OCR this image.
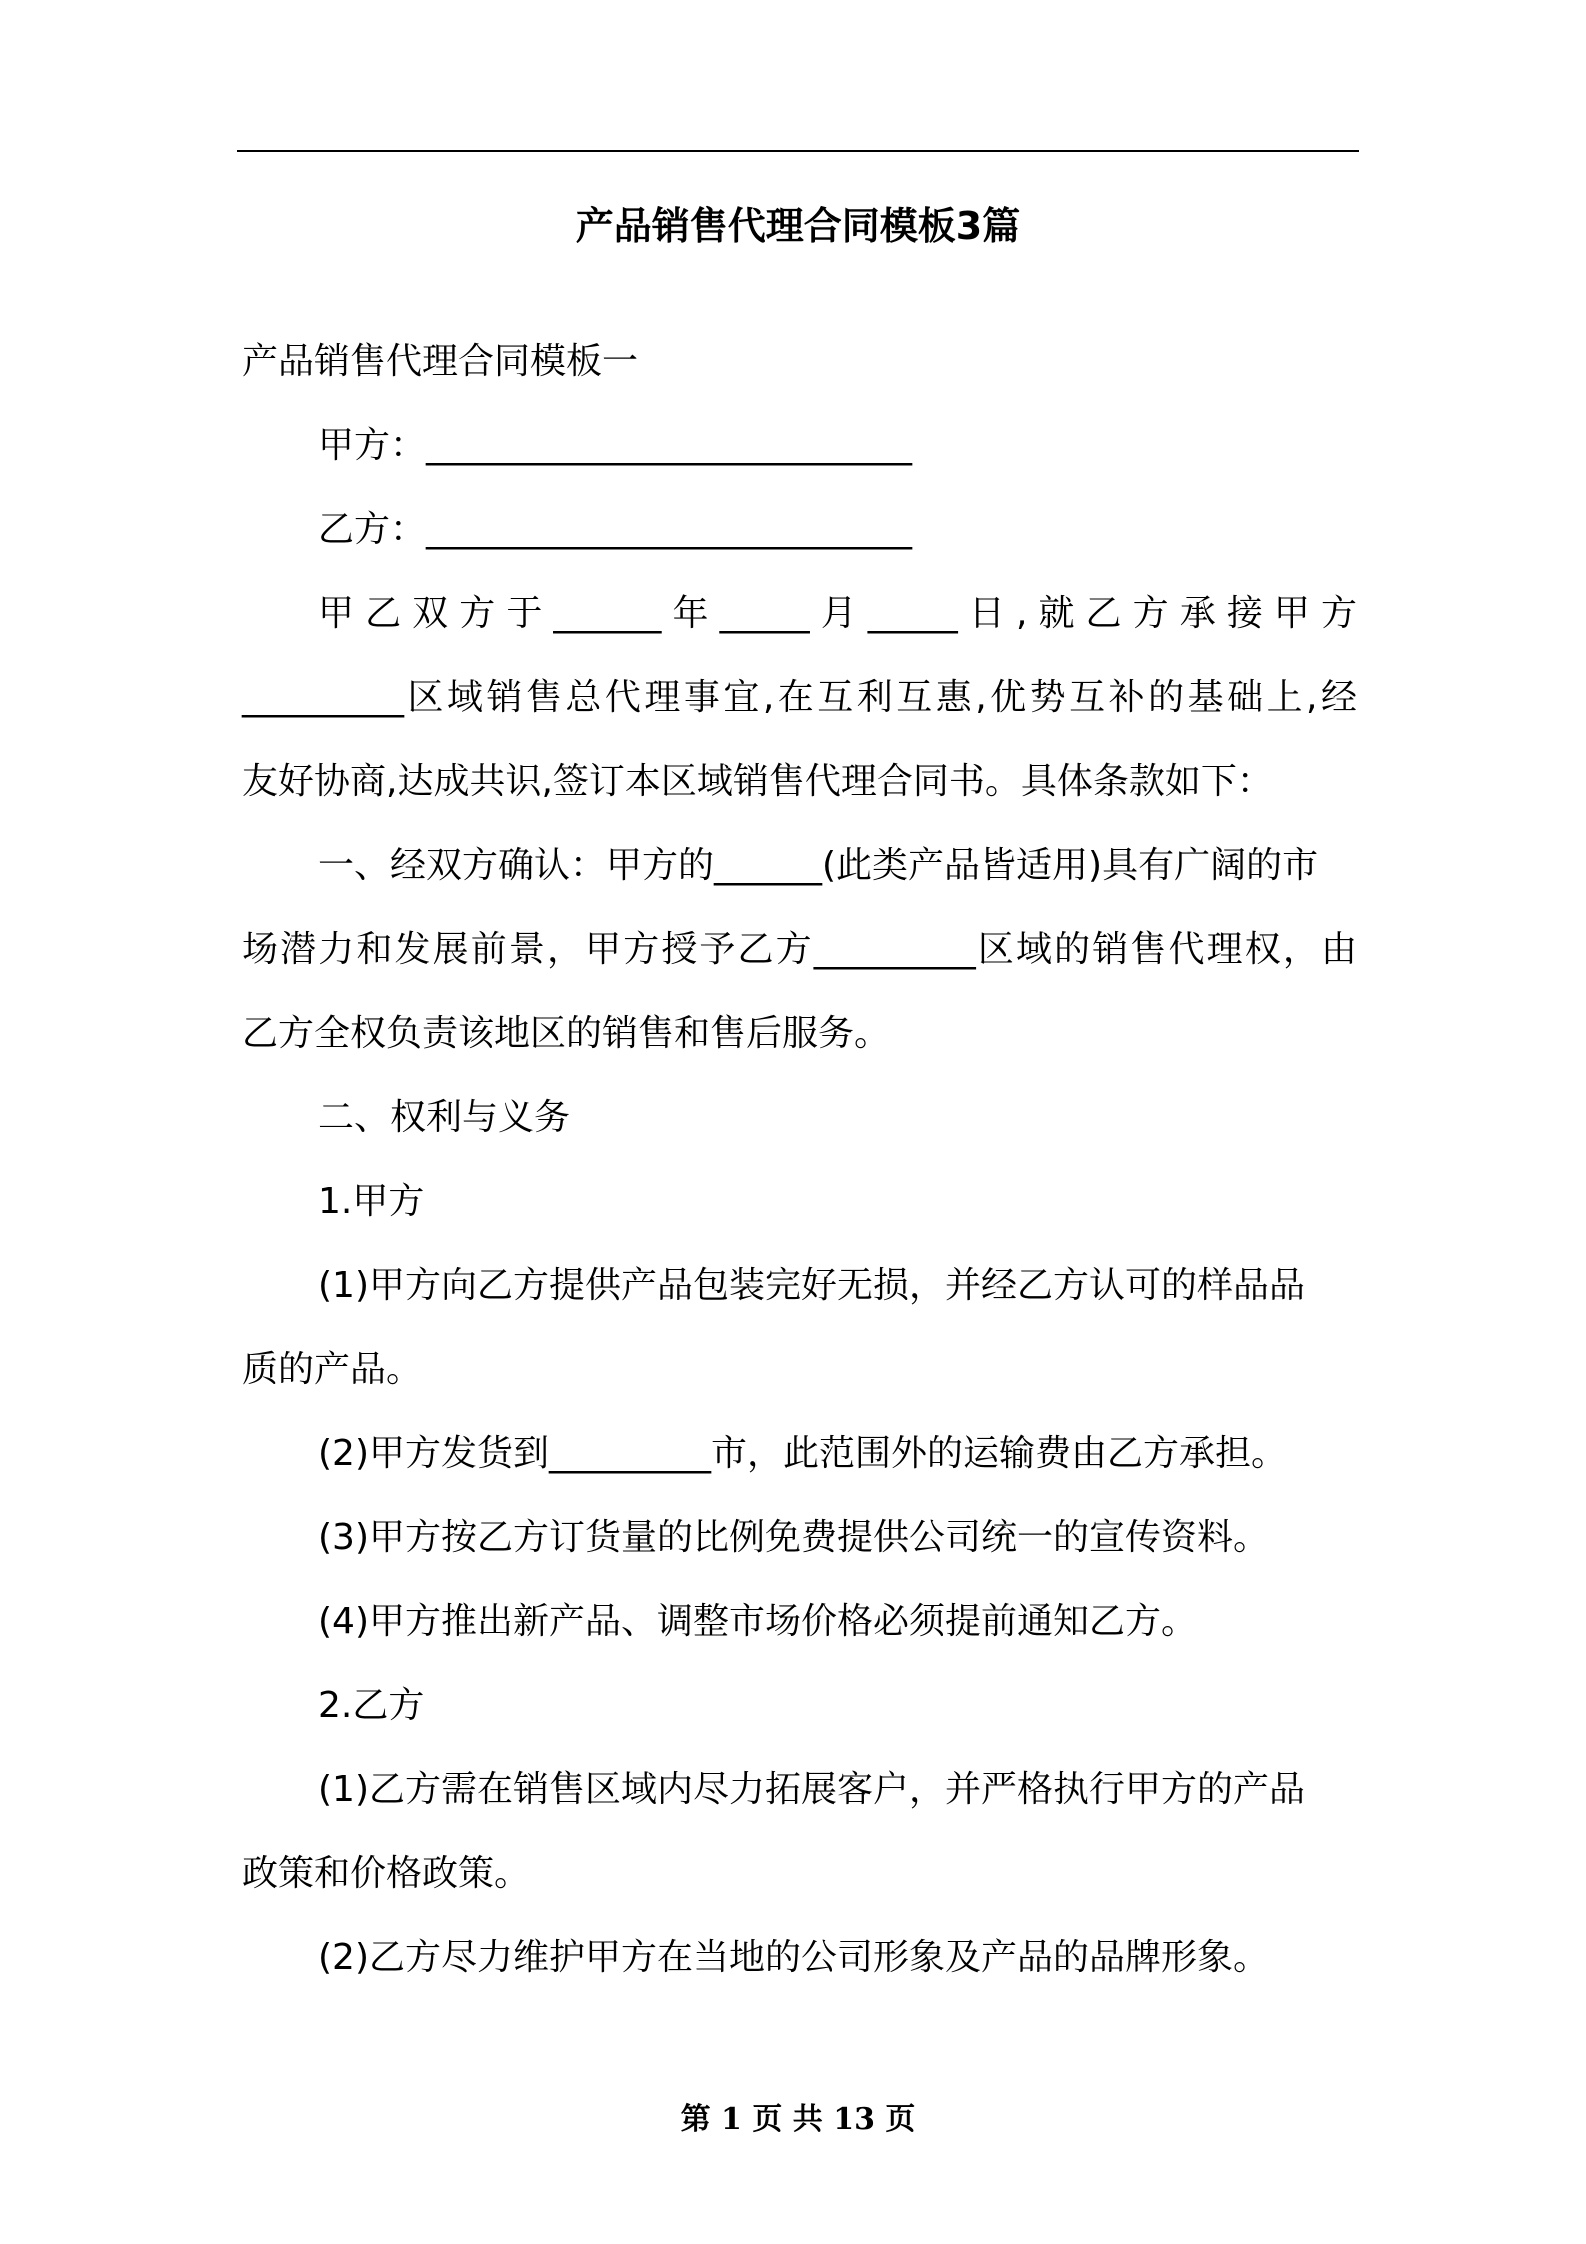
产品销售代理合同模板3篇

产品销售代理合同模板一

甲方：___________________________

乙方：___________________________

甲乙双方于______年_____月_____日,就乙方承接甲方

_________区域销售总代理事宜,在互利互惠,优势互补的基础上,经

友好协商,达成共识,签订本区域销售代理合同书。具体条款如下：

一、经双方确认：甲方的______(此类产品皆适用)具有广阔的市

场潜力和发展前景，甲方授予乙方_________区域的销售代理权，由

乙方全权负责该地区的销售和售后服务。

二、权利与义务

1.甲方

(1)甲方向乙方提供产品包装完好无损，并经乙方认可的样品品

质的产品。

(2)甲方发货到_________市，此范围外的运输费由乙方承担。

(3)甲方按乙方订货量的比例免费提供公司统一的宣传资料。

(4)甲方推出新产品、调整市场价格必须提前通知乙方。

2.乙方

(1)乙方需在销售区域内尽力拓展客户，并严格执行甲方的产品

政策和价格政策。

(2)乙方尽力维护甲方在当地的公司形象及产品的品牌形象。

第 1 页 共 13 页
